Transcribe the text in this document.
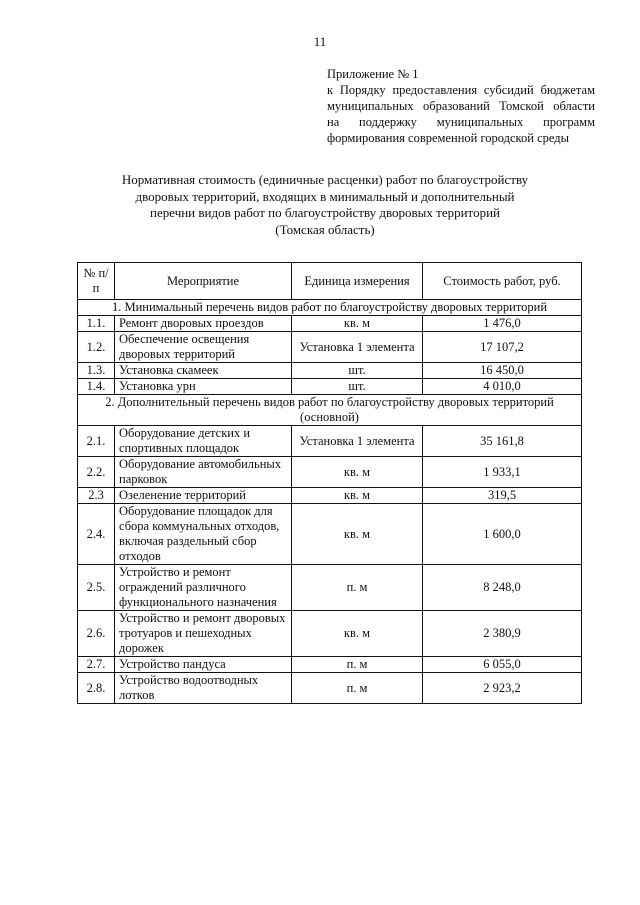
11
Приложение № 1
к Порядку предоставления субсидий бюджетам
муниципальных образований Томской области
на поддержку муниципальных программ
формирования современной городской среды
Нормативная стоимость (единичные расценки) работ по благоустройству
дворовых территорий, входящих в минимальный и дополнительный
перечни видов работ по благоустройству дворовых территорий
(Томская область)
№ п/п	Мероприятие	Единица измерения	Стоимость работ, руб.
1. Минимальный перечень видов работ по благоустройству дворовых территорий			
1.1.	Ремонт дворовых проездов	кв. м	1 476,0
1.2.	Обеспечение освещения дворовых территорий	Установка 1 элемента	17 107,2
1.3.	Установка скамеек	шт.	16 450,0
1.4.	Установка урн	шт.	4 010,0
2. Дополнительный перечень видов работ по благоустройству дворовых территорий (основной)			
2.1.	Оборудование детских и спортивных площадок	Установка 1 элемента	35 161,8
2.2.	Оборудование автомобильных парковок	кв. м	1 933,1
2.3	Озеленение территорий	кв. м	319,5
2.4.	Оборудование площадок для сбора коммунальных отходов, включая раздельный сбор отходов	кв. м	1 600,0
2.5.	Устройство и ремонт ограждений различного функционального назначения	п. м	8 248,0
2.6.	Устройство и ремонт дворовых тротуаров и пешеходных дорожек	кв. м	2 380,9
2.7.	Устройство пандуса	п. м	6 055,0
2.8.	Устройство водоотводных лотков	п. м	2 923,2
